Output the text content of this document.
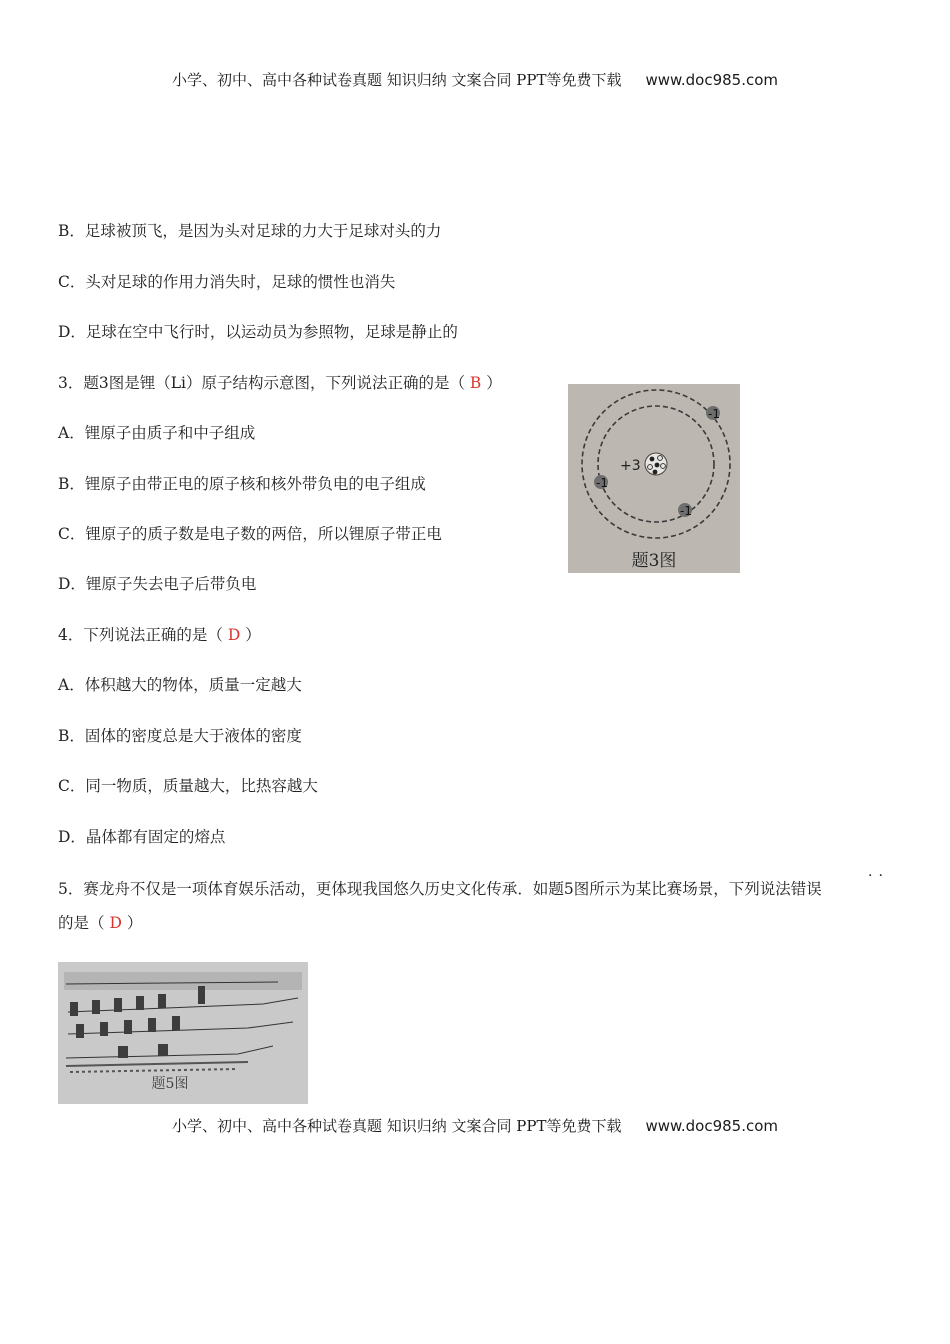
小学、初中、高中各种试卷真题 知识归纳 文案合同 PPT等免费下载 www.doc985.com
B．足球被顶飞，是因为头对足球的力大于足球对头的力
C．头对足球的作用力消失时，足球的惯性也消失
D．足球在空中飞行时，以运动员为参照物，足球是静止的
3．题3图是锂（Li）原子结构示意图，下列说法正确的是（ B ）
A．锂原子由质子和中子组成
B．锂原子由带正电的原子核和核外带负电的电子组成
C．锂原子的质子数是电子数的两倍，所以锂原子带正电
D．锂原子失去电子后带负电
+3
-1
-1
-1
题3图
4．下列说法正确的是（ D ）
A．体积越大的物体，质量一定越大
B．固体的密度总是大于液体的密度
C．同一物质，质量越大，比热容越大
D．晶体都有固定的熔点
··
5．赛龙舟不仅是一项体育娱乐活动，更体现我国悠久历史文化传承．如题5图所示为某比赛场景，下列说法错误
的是（ D ）
题5图
小学、初中、高中各种试卷真题 知识归纳 文案合同 PPT等免费下载 www.doc985.com
